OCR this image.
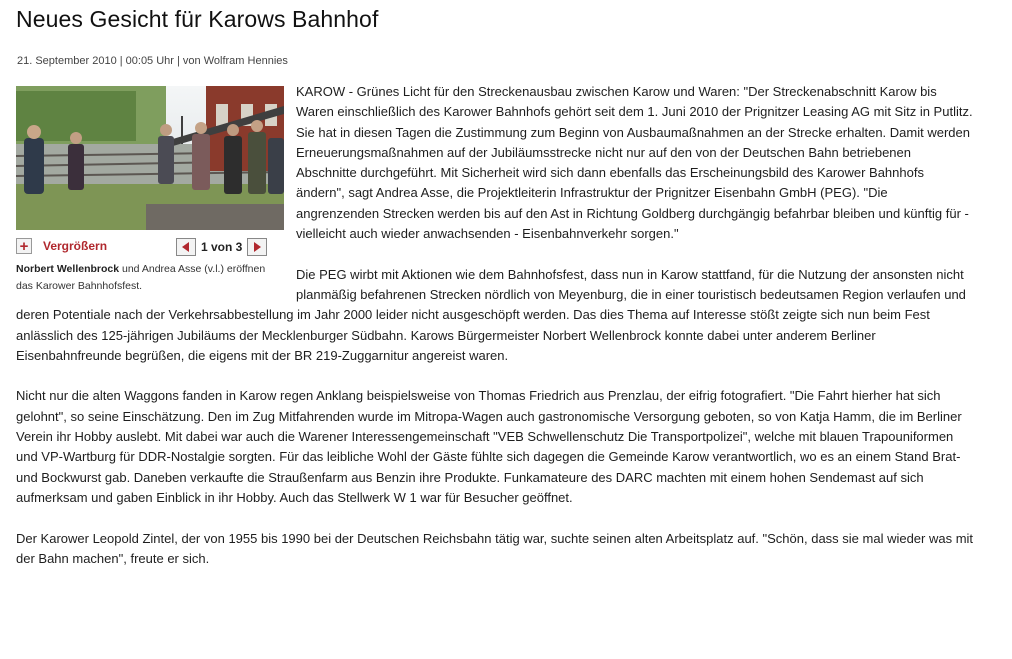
Neues Gesicht für Karows Bahnhof
21. September 2010 | 00:05 Uhr | von Wolfram Hennies
+	Vergrößern	1 von 3
Norbert Wellenbrock und Andrea Asse (v.l.) eröffnen das Karower Bahnhofsfest.

KAROW - Grünes Licht für den Streckenausbau zwischen Karow und Waren: "Der Streckenabschnitt Karow bis Waren einschließlich des Karower Bahnhofs gehört seit dem 1. Juni 2010 der Prignitzer Leasing AG mit Sitz in Putlitz. Sie hat in diesen Tagen die Zustimmung zum Beginn von Ausbaumaßnahmen an der Strecke erhalten. Damit werden Erneuerungsmaßnahmen auf der Jubiläumsstrecke nicht nur auf den von der Deutschen Bahn betriebenen Abschnitte durchgeführt. Mit Sicherheit wird sich dann ebenfalls das Erscheinungsbild des Karower Bahnhofs ändern", sagt Andrea Asse, die Projektleiterin Infrastruktur der Prignitzer Eisenbahn GmbH (PEG). "Die angrenzenden Strecken werden bis auf den Ast in Richtung Goldberg durchgängig befahrbar bleiben und künftig für - vielleicht auch wieder anwachsenden - Eisenbahnverkehr sorgen."

Die PEG wirbt mit Aktionen wie dem Bahnhofsfest, dass nun in Karow stattfand, für die Nutzung der ansonsten nicht planmäßig befahrenen Strecken nördlich von Meyenburg, die in einer touristisch bedeutsamen Region verlaufen und deren Potentiale nach der Verkehrsabbestellung im Jahr 2000 leider nicht ausgeschöpft werden. Das dies Thema auf Interesse stößt zeigte sich nun beim Fest anlässlich des 125-jährigen Jubiläums der Mecklenburger Südbahn. Karows Bürgermeister Norbert Wellenbrock konnte dabei unter anderem Berliner Eisenbahnfreunde begrüßen, die eigens mit der BR 219-Zuggarnitur angereist waren.

Nicht nur die alten Waggons fanden in Karow regen Anklang beispielsweise von Thomas Friedrich aus Prenzlau, der eifrig fotografiert. "Die Fahrt hierher hat sich gelohnt", so seine Einschätzung. Den im Zug Mitfahrenden wurde im Mitropa-Wagen auch gastronomische Versorgung geboten, so von Katja Hamm, die im Berliner Verein ihr Hobby auslebt. Mit dabei war auch die Warener Interessengemeinschaft "VEB Schwellenschutz Die Transportpolizei", welche mit blauen Trapouniformen und VP-Wartburg für DDR-Nostalgie sorgten. Für das leibliche Wohl der Gäste fühlte sich dagegen die Gemeinde Karow verantwortlich, wo es an einem Stand Brat- und Bockwurst gab. Daneben verkaufte die Straußenfarm aus Benzin ihre Produkte. Funkamateure des DARC machten mit einem hohen Sendemast auf sich aufmerksam und gaben Einblick in ihr Hobby. Auch das Stellwerk W 1 war für Besucher geöffnet.

Der Karower Leopold Zintel, der von 1955 bis 1990 bei der Deutschen Reichsbahn tätig war, suchte seinen alten Arbeitsplatz auf. "Schön, dass sie mal wieder was mit der Bahn machen", freute er sich.
